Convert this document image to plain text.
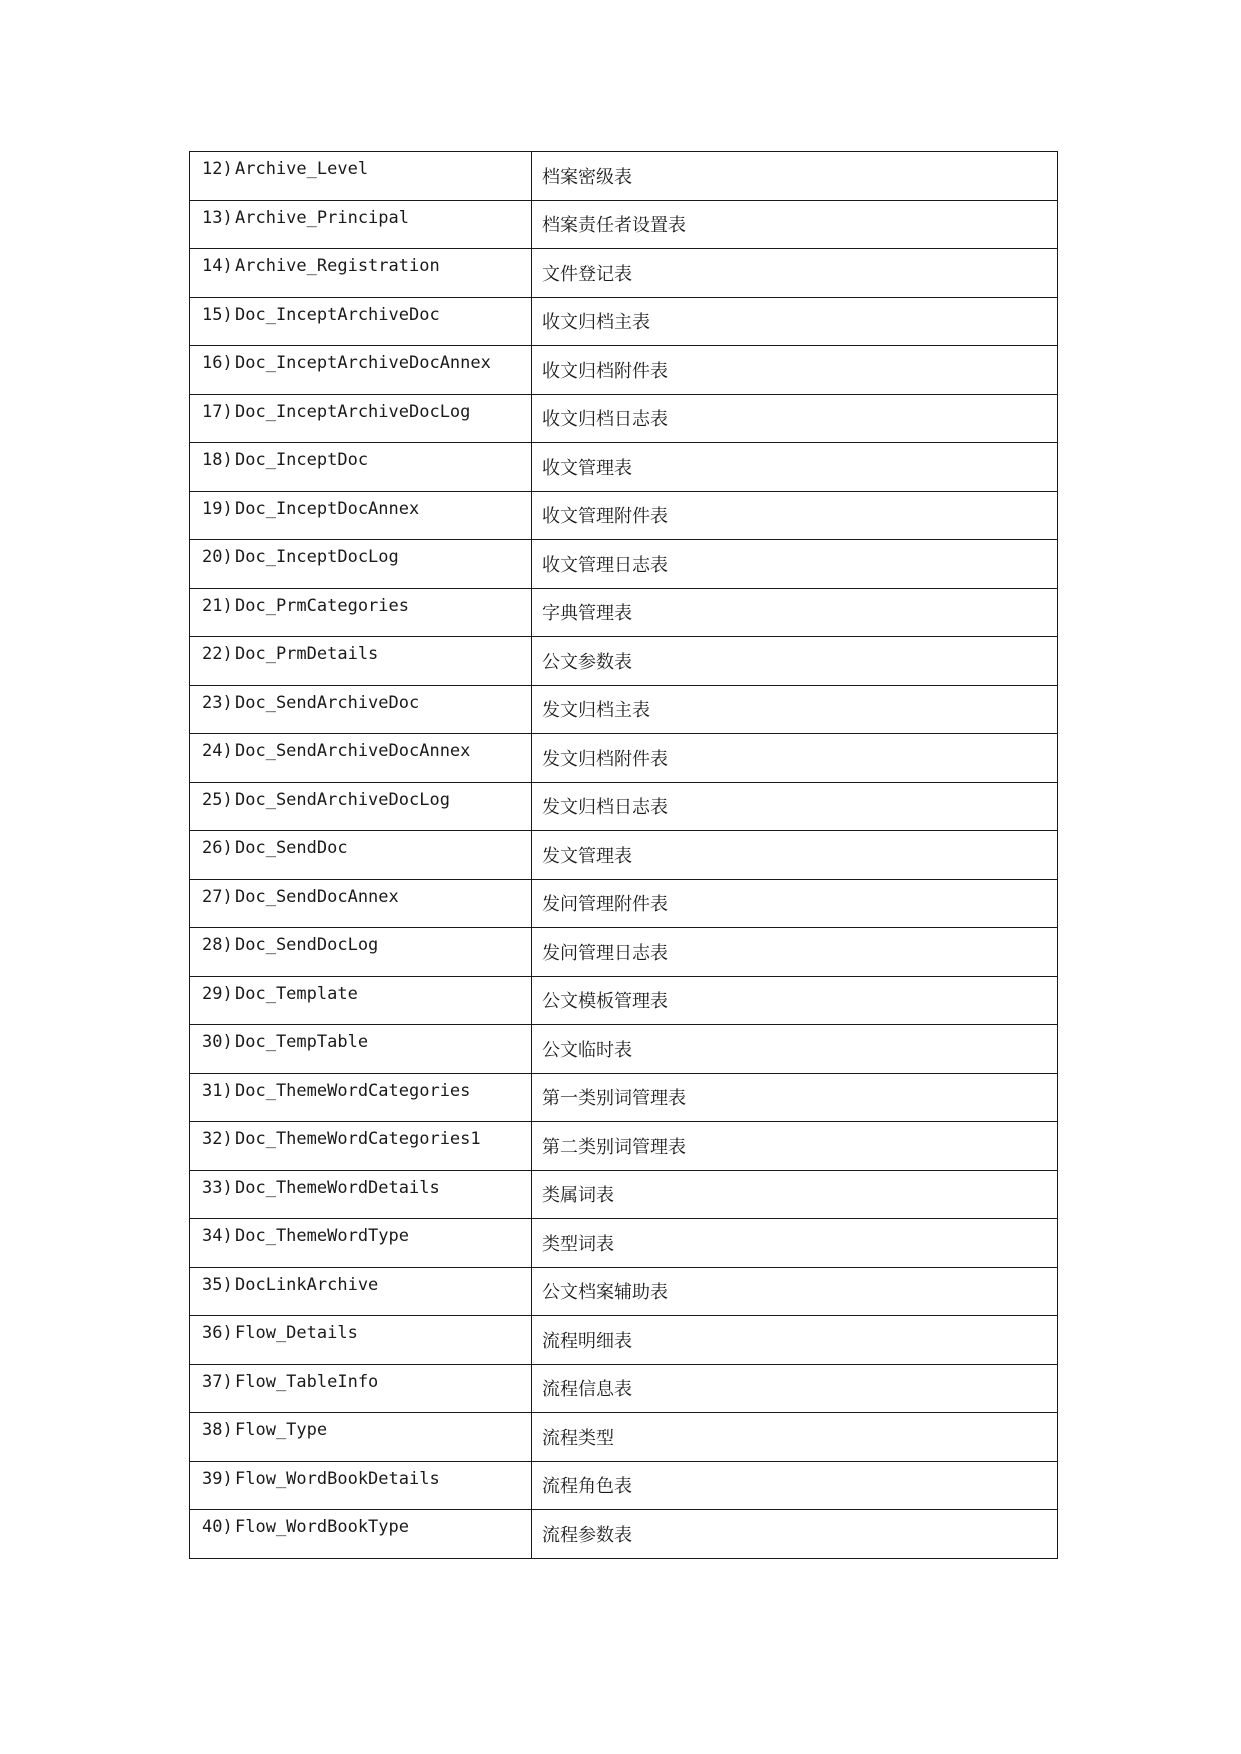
12) Archive_Level	档案密级表
13) Archive_Principal	档案责任者设置表
14) Archive_Registration	文件登记表
15) Doc_InceptArchiveDoc	收文归档主表
16) Doc_InceptArchiveDocAnnex	收文归档附件表
17) Doc_InceptArchiveDocLog	收文归档日志表
18) Doc_InceptDoc	收文管理表
19) Doc_InceptDocAnnex	收文管理附件表
20) Doc_InceptDocLog	收文管理日志表
21) Doc_PrmCategories	字典管理表
22) Doc_PrmDetails	公文参数表
23) Doc_SendArchiveDoc	发文归档主表
24) Doc_SendArchiveDocAnnex	发文归档附件表
25) Doc_SendArchiveDocLog	发文归档日志表
26) Doc_SendDoc	发文管理表
27) Doc_SendDocAnnex	发问管理附件表
28) Doc_SendDocLog	发问管理日志表
29) Doc_Template	公文模板管理表
30) Doc_TempTable	公文临时表
31) Doc_ThemeWordCategories	第一类别词管理表
32) Doc_ThemeWordCategories1	第二类别词管理表
33) Doc_ThemeWordDetails	类属词表
34) Doc_ThemeWordType	类型词表
35) DocLinkArchive	公文档案辅助表
36) Flow_Details	流程明细表
37) Flow_TableInfo	流程信息表
38) Flow_Type	流程类型
39) Flow_WordBookDetails	流程角色表
40) Flow_WordBookType	流程参数表
